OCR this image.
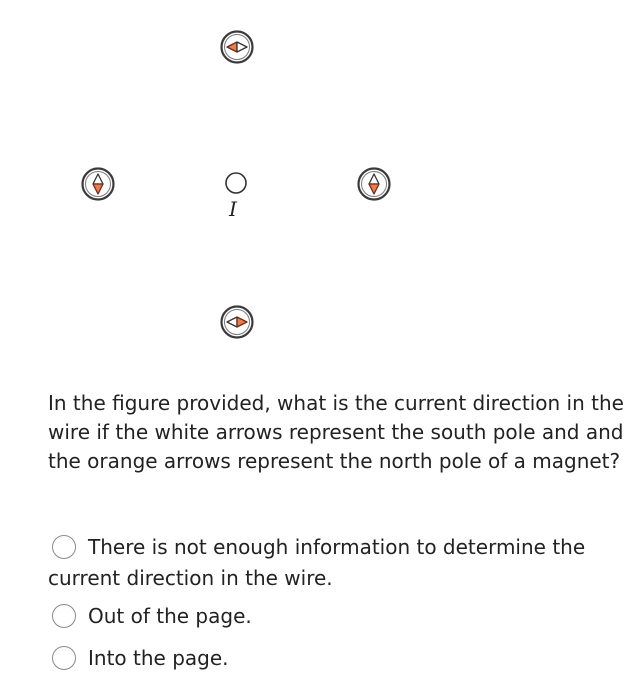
I

In the figure provided, what is the current direction in the wire if the white arrows represent the south pole and and the orange arrows represent the north pole of a magnet?

There is not enough information to determine the current direction in the wire.
Out of the page.
Into the page.
